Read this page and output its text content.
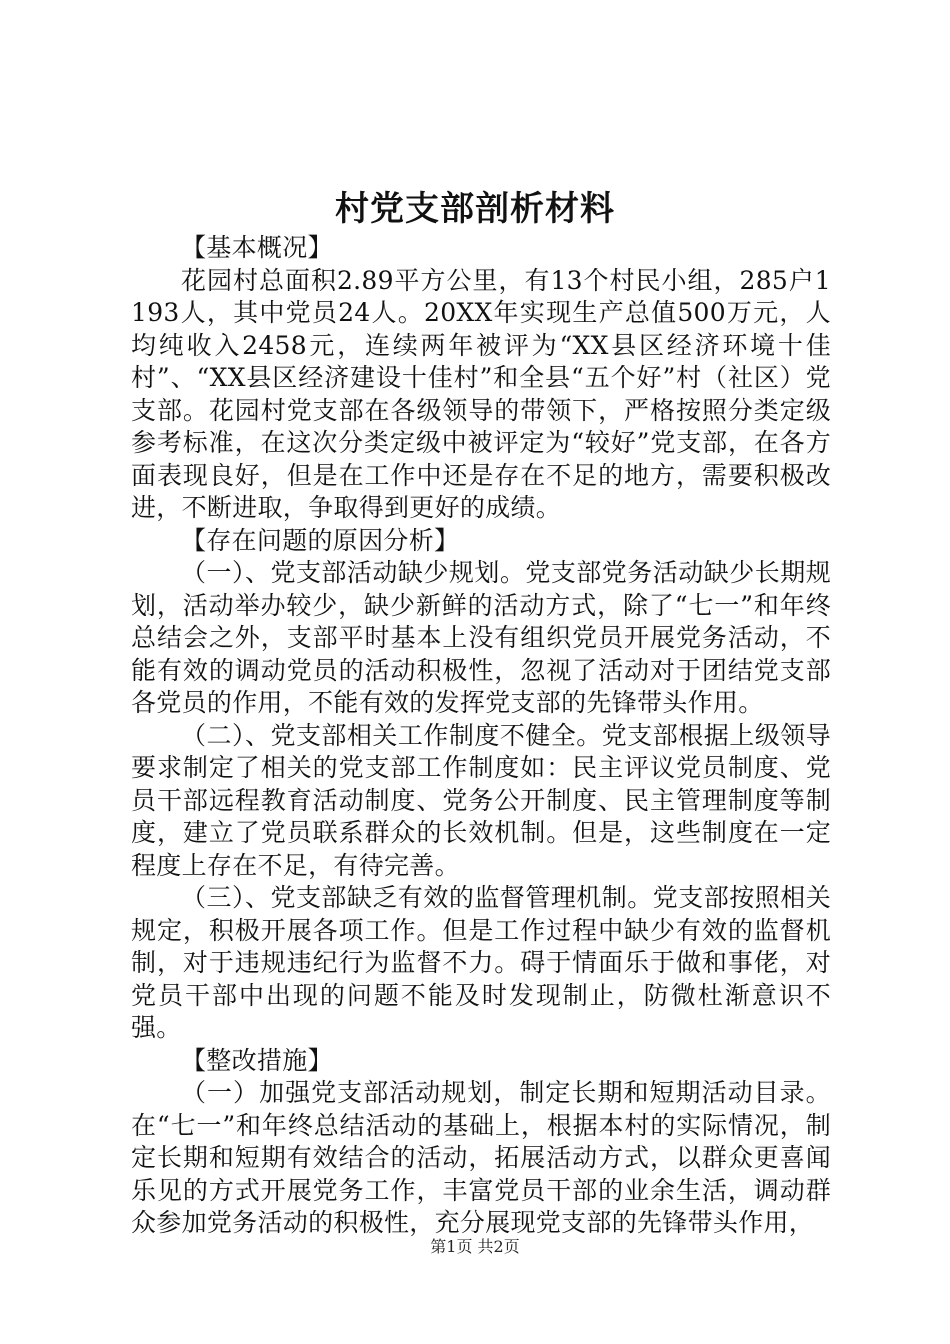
村党支部剖析材料

【基本概况】

花园村总面积2.89平方公里，有13个村民小组，285户1193人，其中党员24人。20XX年实现生产总值500万元，人均纯收入2458元，连续两年被评为“XX县区经济环境十佳村”、“XX县区经济建设十佳村”和全县“五个好”村（社区）党支部。花园村党支部在各级领导的带领下，严格按照分类定级参考标准，在这次分类定级中被评定为“较好”党支部，在各方面表现良好，但是在工作中还是存在不足的地方，需要积极改进，不断进取，争取得到更好的成绩。

【存在问题的原因分析】

（一）、党支部活动缺少规划。党支部党务活动缺少长期规划，活动举办较少，缺少新鲜的活动方式，除了“七一”和年终总结会之外，支部平时基本上没有组织党员开展党务活动，不能有效的调动党员的活动积极性，忽视了活动对于团结党支部各党员的作用，不能有效的发挥党支部的先锋带头作用。

（二）、党支部相关工作制度不健全。党支部根据上级领导要求制定了相关的党支部工作制度如：民主评议党员制度、党员干部远程教育活动制度、党务公开制度、民主管理制度等制度，建立了党员联系群众的长效机制。但是，这些制度在一定程度上存在不足，有待完善。

（三）、党支部缺乏有效的监督管理机制。党支部按照相关规定，积极开展各项工作。但是工作过程中缺少有效的监督机制，对于违规违纪行为监督不力。碍于情面乐于做和事佬，对党员干部中出现的问题不能及时发现制止，防微杜渐意识不强。

【整改措施】

（一）加强党支部活动规划，制定长期和短期活动目录。在“七一”和年终总结活动的基础上，根据本村的实际情况，制定长期和短期有效结合的活动，拓展活动方式，以群众更喜闻乐见的方式开展党务工作，丰富党员干部的业余生活，调动群众参加党务活动的积极性，充分展现党支部的先锋带头作用，

第1页 共2页
